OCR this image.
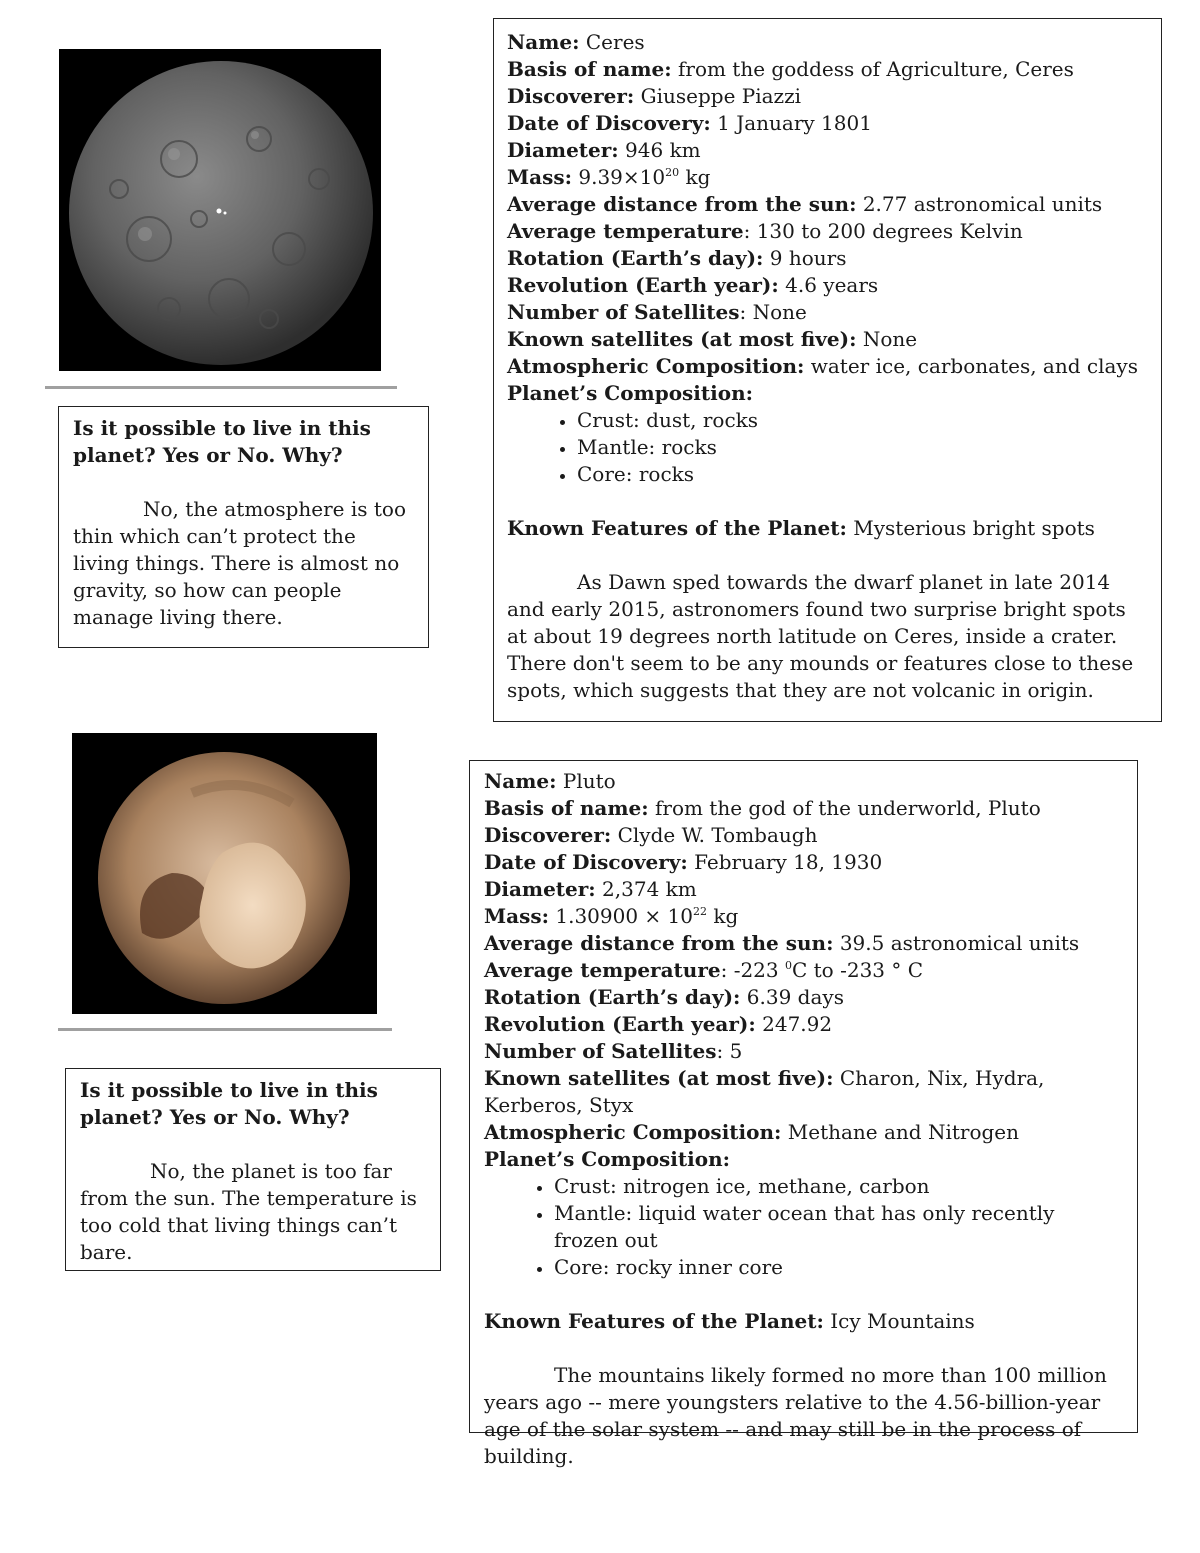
Is it possible to live in this planet? Yes or No. Why?
No, the atmosphere is too thin which can’t protect the living things. There is almost no gravity, so how can people manage living there.
Name: Ceres
Basis of name: from the goddess of Agriculture, Ceres
Discoverer: Giuseppe Piazzi
Date of Discovery: 1 January 1801
Diameter: 946 km
Mass: $9.39\times 10^{20}$ kg
Average distance from the sun: 2.77 astronomical units
Average temperature: 130 to 200 degrees Kelvin
Rotation (Earth’s day): 9 hours
Revolution (Earth year): 4.6 years
Number of Satellites: None
Known satellites (at most five): None
Atmospheric Composition: water ice, carbonates, and clays
Planet’s Composition:
• Crust: dust, rocks
• Mantle: rocks
• Core: rocks
Known Features of the Planet: Mysterious bright spots
As Dawn sped towards the dwarf planet in late 2014 and early 2015, astronomers found two surprise bright spots at about 19 degrees north latitude on Ceres, inside a crater. There don't seem to be any mounds or features close to these spots, which suggests that they are not volcanic in origin.
Is it possible to live in this planet? Yes or No. Why?
No, the planet is too far from the sun. The temperature is too cold that living things can’t bare.
Name: Pluto
Basis of name: from the god of the underworld, Pluto
Discoverer: Clyde W. Tombaugh
Date of Discovery: February 18, 1930
Diameter: 2,374 km
Mass: $1.30900 \times 10^{22}$ kg
Average distance from the sun: 39.5 astronomical units
Average temperature: -223 $^0$C to -233 ° C
Rotation (Earth’s day): 6.39 days
Revolution (Earth year): 247.92
Number of Satellites: 5
Known satellites (at most five): Charon, Nix, Hydra, Kerberos, Styx
Atmospheric Composition: Methane and Nitrogen
Planet’s Composition:
• Crust: nitrogen ice, methane, carbon
• Mantle: liquid water ocean that has only recently frozen out
• Core: rocky inner core
Known Features of the Planet: Icy Mountains
The mountains likely formed no more than 100 million years ago -- mere youngsters relative to the 4.56-billion-year age of the solar system -- and may still be in the process of building.
